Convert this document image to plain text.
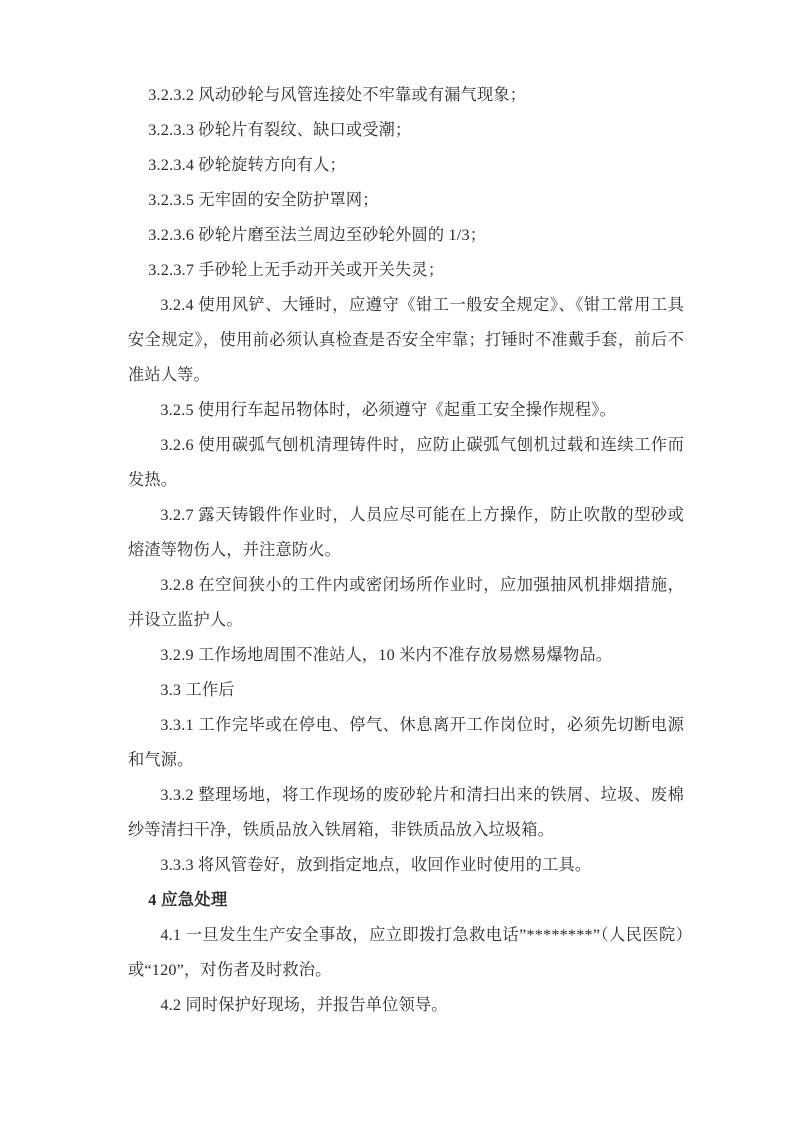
3.2.3.2 风动砂轮与风管连接处不牢靠或有漏气现象；

3.2.3.3 砂轮片有裂纹、缺口或受潮；

3.2.3.4 砂轮旋转方向有人；

3.2.3.5 无牢固的安全防护罩网；

3.2.3.6 砂轮片磨至法兰周边至砂轮外圆的 1/3；

3.2.3.7 手砂轮上无手动开关或开关失灵；

3.2.4 使用风铲、大锤时，应遵守《钳工一般安全规定》、《钳工常用工具安全规定》，使用前必须认真检查是否安全牢靠；打锤时不准戴手套，前后不准站人等。

3.2.5 使用行车起吊物体时，必须遵守《起重工安全操作规程》。

3.2.6 使用碳弧气刨机清理铸件时，应防止碳弧气刨机过载和连续工作而发热。

3.2.7 露天铸锻件作业时，人员应尽可能在上方操作，防止吹散的型砂或熔渣等物伤人，并注意防火。

3.2.8 在空间狭小的工件内或密闭场所作业时，应加强抽风机排烟措施，并设立监护人。

3.2.9 工作场地周围不准站人，10 米内不准存放易燃易爆物品。

3.3 工作后

3.3.1 工作完毕或在停电、停气、休息离开工作岗位时，必须先切断电源和气源。

3.3.2 整理场地，将工作现场的废砂轮片和清扫出来的铁屑、垃圾、废棉纱等清扫干净，铁质品放入铁屑箱，非铁质品放入垃圾箱。

3.3.3 将风管卷好，放到指定地点，收回作业时使用的工具。

4 应急处理

4.1 一旦发生生产安全事故，应立即拨打急救电话”********”（人民医院）或“120”，对伤者及时救治。

4.2 同时保护好现场，并报告单位领导。
